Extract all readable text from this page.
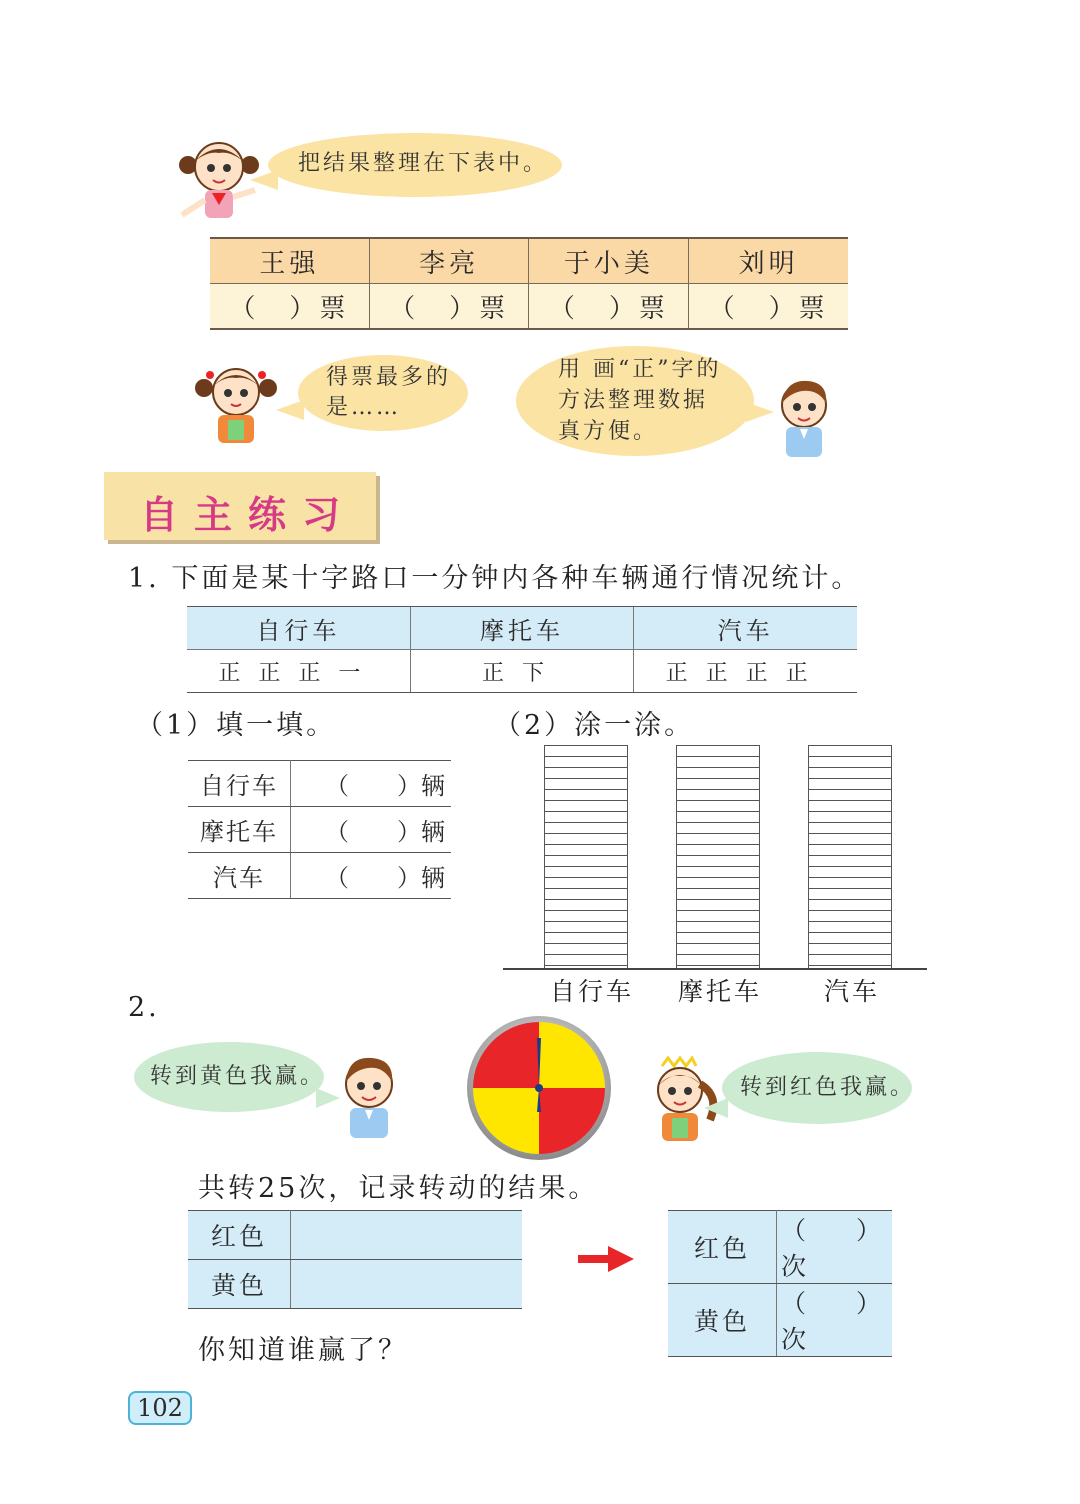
把结果整理在下表中。
王强	李亮	于小美	刘明
（　）票	（　）票	（　）票	（　）票
得票最多的
是……
用 画“正”字的
方法整理数据
真方便。
自主练习
1. 下面是某十字路口一分钟内各种车辆通行情况统计。
自行车	摩托车	汽车
正正正一	正下	正正正正
（1）填一填。	（2）涂一涂。
自行车	（　　）辆
摩托车	（　　）辆
汽车	（　　）辆
自行车 摩托车 汽车
2.
转到黄色我赢。	转到红色我赢。
共转25次，记录转动的结果。
红色	
黄色	
红色	（　　）次
黄色	（　　）次
你知道谁赢了？
102
